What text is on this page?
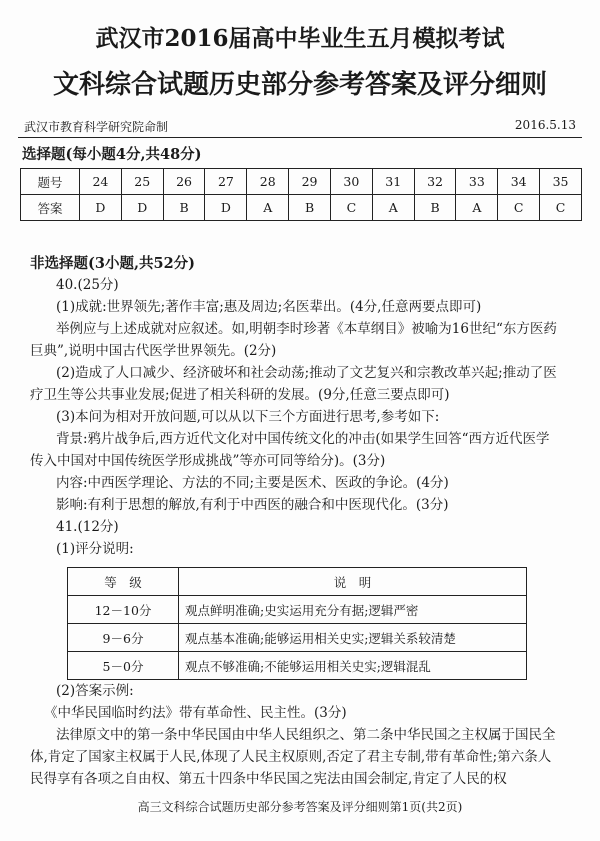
武汉市2016届高中毕业生五月模拟考试
文科综合试题历史部分参考答案及评分细则
武汉市教育科学研究院命制	2016.5.13
选择题(每小题4分,共48分)
题号	24	25	26	27	28	29	30	31	32	33	34	35
答案	D	D	B	D	A	B	C	A	B	A	C	C
非选择题(3小题,共52分)
40.(25分)
(1)成就:世界领先;著作丰富;惠及周边;名医辈出。(4分,任意两要点即可)
举例应与上述成就对应叙述。如,明朝李时珍著《本草纲目》被喻为16世纪“东方医药巨典”,说明中国古代医学世界领先。(2分)
(2)造成了人口减少、经济破坏和社会动荡;推动了文艺复兴和宗教改革兴起;推动了医疗卫生等公共事业发展;促进了相关科研的发展。(9分,任意三要点即可)
(3)本问为相对开放问题,可以从以下三个方面进行思考,参考如下:
背景:鸦片战争后,西方近代文化对中国传统文化的冲击(如果学生回答“西方近代医学传入中国对中国传统医学形成挑战”等亦可同等给分)。(3分)
内容:中西医学理论、方法的不同;主要是医术、医政的争论。(4分)
影响:有利于思想的解放,有利于中西医的融合和中医现代化。(3分)
41.(12分)
(1)评分说明:
等　级	说　明
12－10分	观点鲜明准确;史实运用充分有据;逻辑严密
9－6分	观点基本准确;能够运用相关史实;逻辑关系较清楚
5－0分	观点不够准确;不能够运用相关史实;逻辑混乱
(2)答案示例:
《中华民国临时约法》带有革命性、民主性。(3分)
法律原文中的第一条中华民国由中华人民组织之、第二条中华民国之主权属于国民全体,肯定了国家主权属于人民,体现了人民主权原则,否定了君主专制,带有革命性;第六条人民得享有各项之自由权、第五十四条中华民国之宪法由国会制定,肯定了人民的权
高三文科综合试题历史部分参考答案及评分细则第1页(共2页)
